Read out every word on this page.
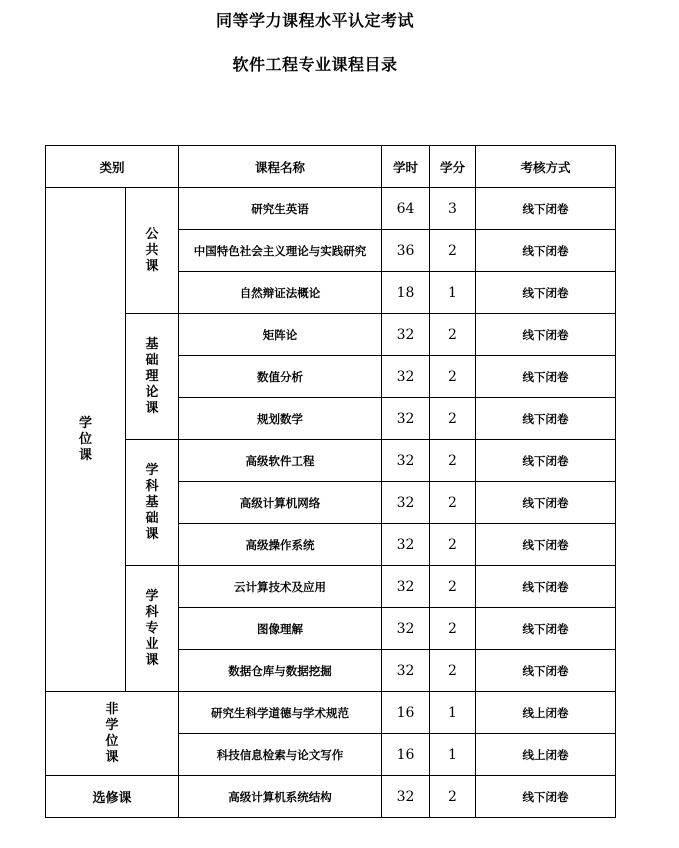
同等学力课程水平认定考试
软件工程专业课程目录
类别		课程名称	学时	学分	考核方式
学位课	公共课	研究生英语	64	3	线下闭卷
		中国特色社会主义理论与实践研究	36	2	线下闭卷
		自然辩证法概论	18	1	线下闭卷
	基础理论课	矩阵论	32	2	线下闭卷
		数值分析	32	2	线下闭卷
		规划数学	32	2	线下闭卷
	学科基础课	高级软件工程	32	2	线下闭卷
		高级计算机网络	32	2	线下闭卷
		高级操作系统	32	2	线下闭卷
	学科专业课	云计算技术及应用	32	2	线下闭卷
		图像理解	32	2	线下闭卷
		数据仓库与数据挖掘	32	2	线下闭卷
非学位课		研究生科学道德与学术规范	16	1	线上闭卷
		科技信息检索与论文写作	16	1	线上闭卷
选修课		高级计算机系统结构	32	2	线下闭卷
